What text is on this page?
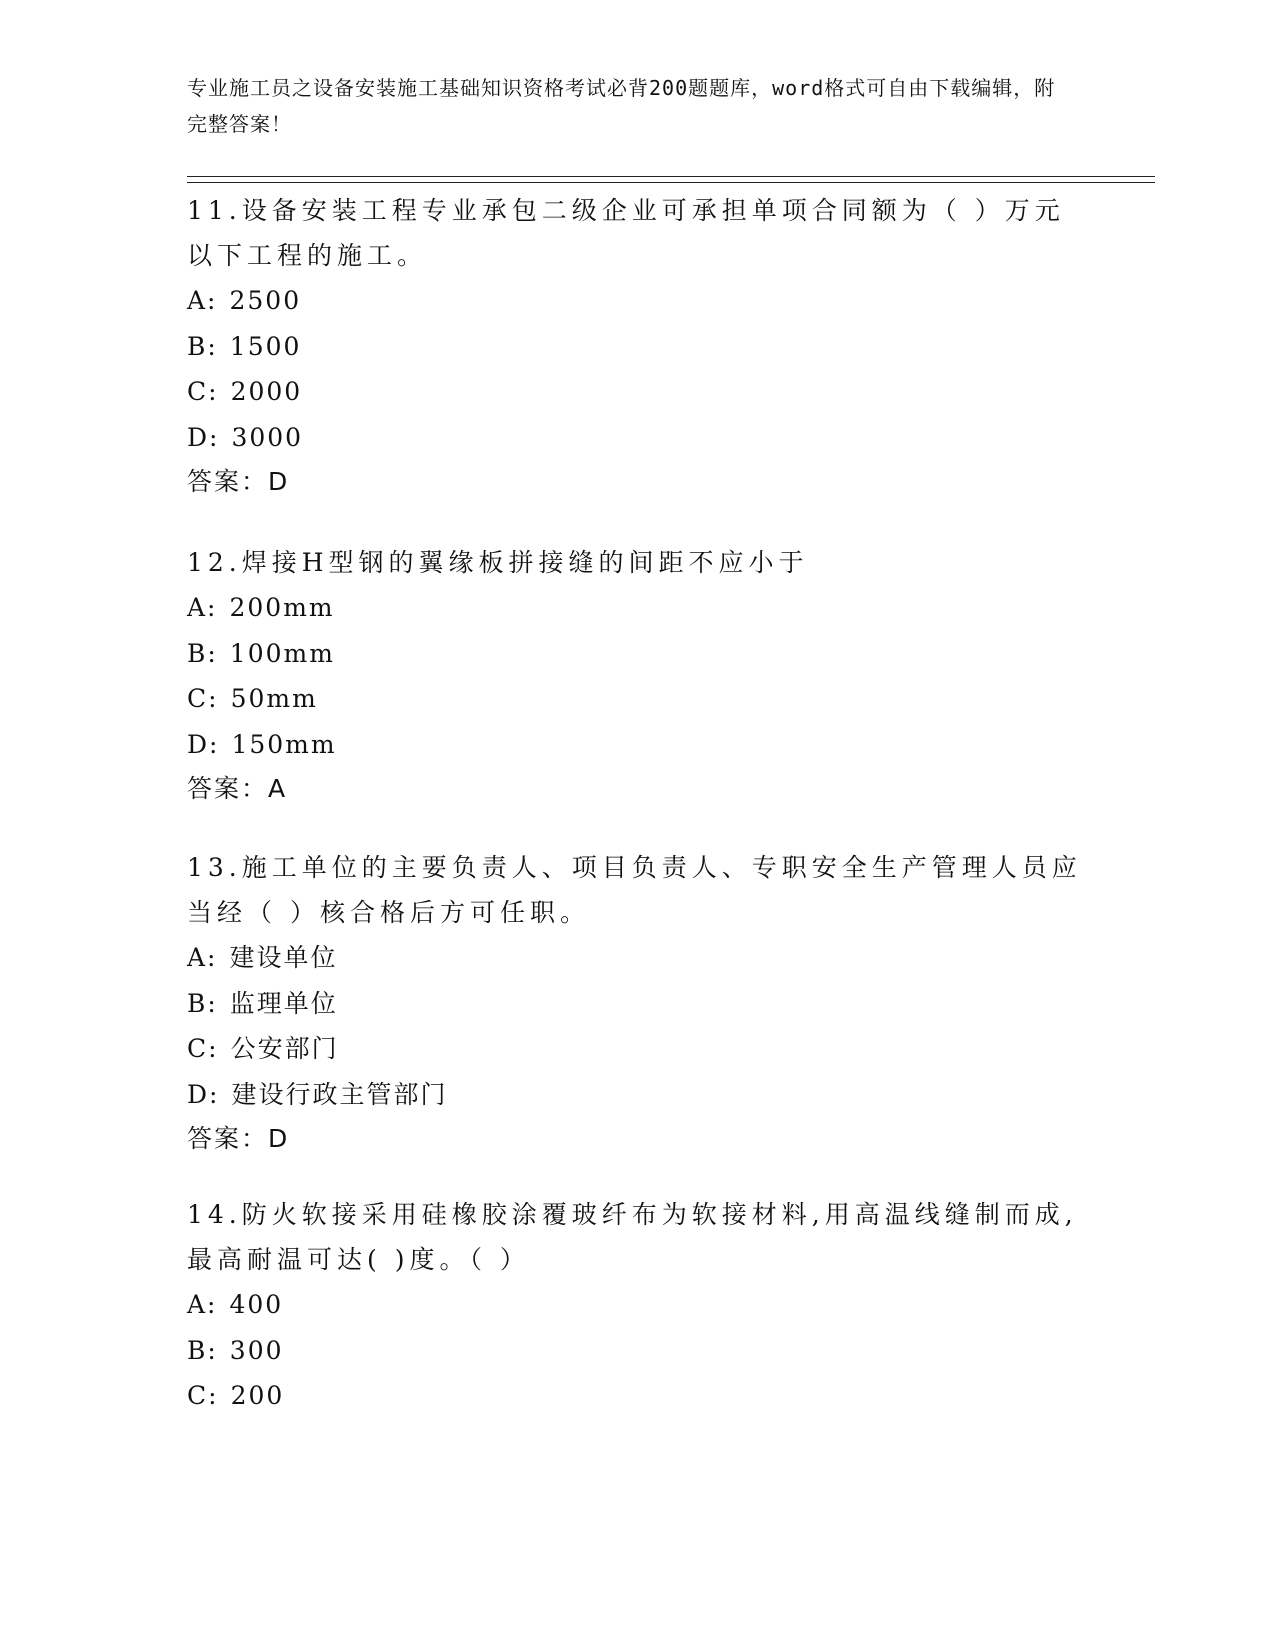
专业施工员之设备安装施工基础知识资格考试必背200题题库，word格式可自由下载编辑，附完整答案！

11.设备安装工程专业承包二级企业可承担单项合同额为（ ）万元以下工程的施工。

A: 2500

B: 1500

C: 2000

D: 3000

答案：D

12.焊接H型钢的翼缘板拼接缝的间距不应小于

A: 200mm

B: 100mm

C: 50mm

D: 150mm

答案：A

13.施工单位的主要负责人、项目负责人、专职安全生产管理人员应当经（ ）核合格后方可任职。

A: 建设单位

B: 监理单位

C: 公安部门

D: 建设行政主管部门

答案：D

14.防火软接采用硅橡胶涂覆玻纤布为软接材料,用高温线缝制而成,最高耐温可达( )度。（ ）

A: 400

B: 300

C: 200
